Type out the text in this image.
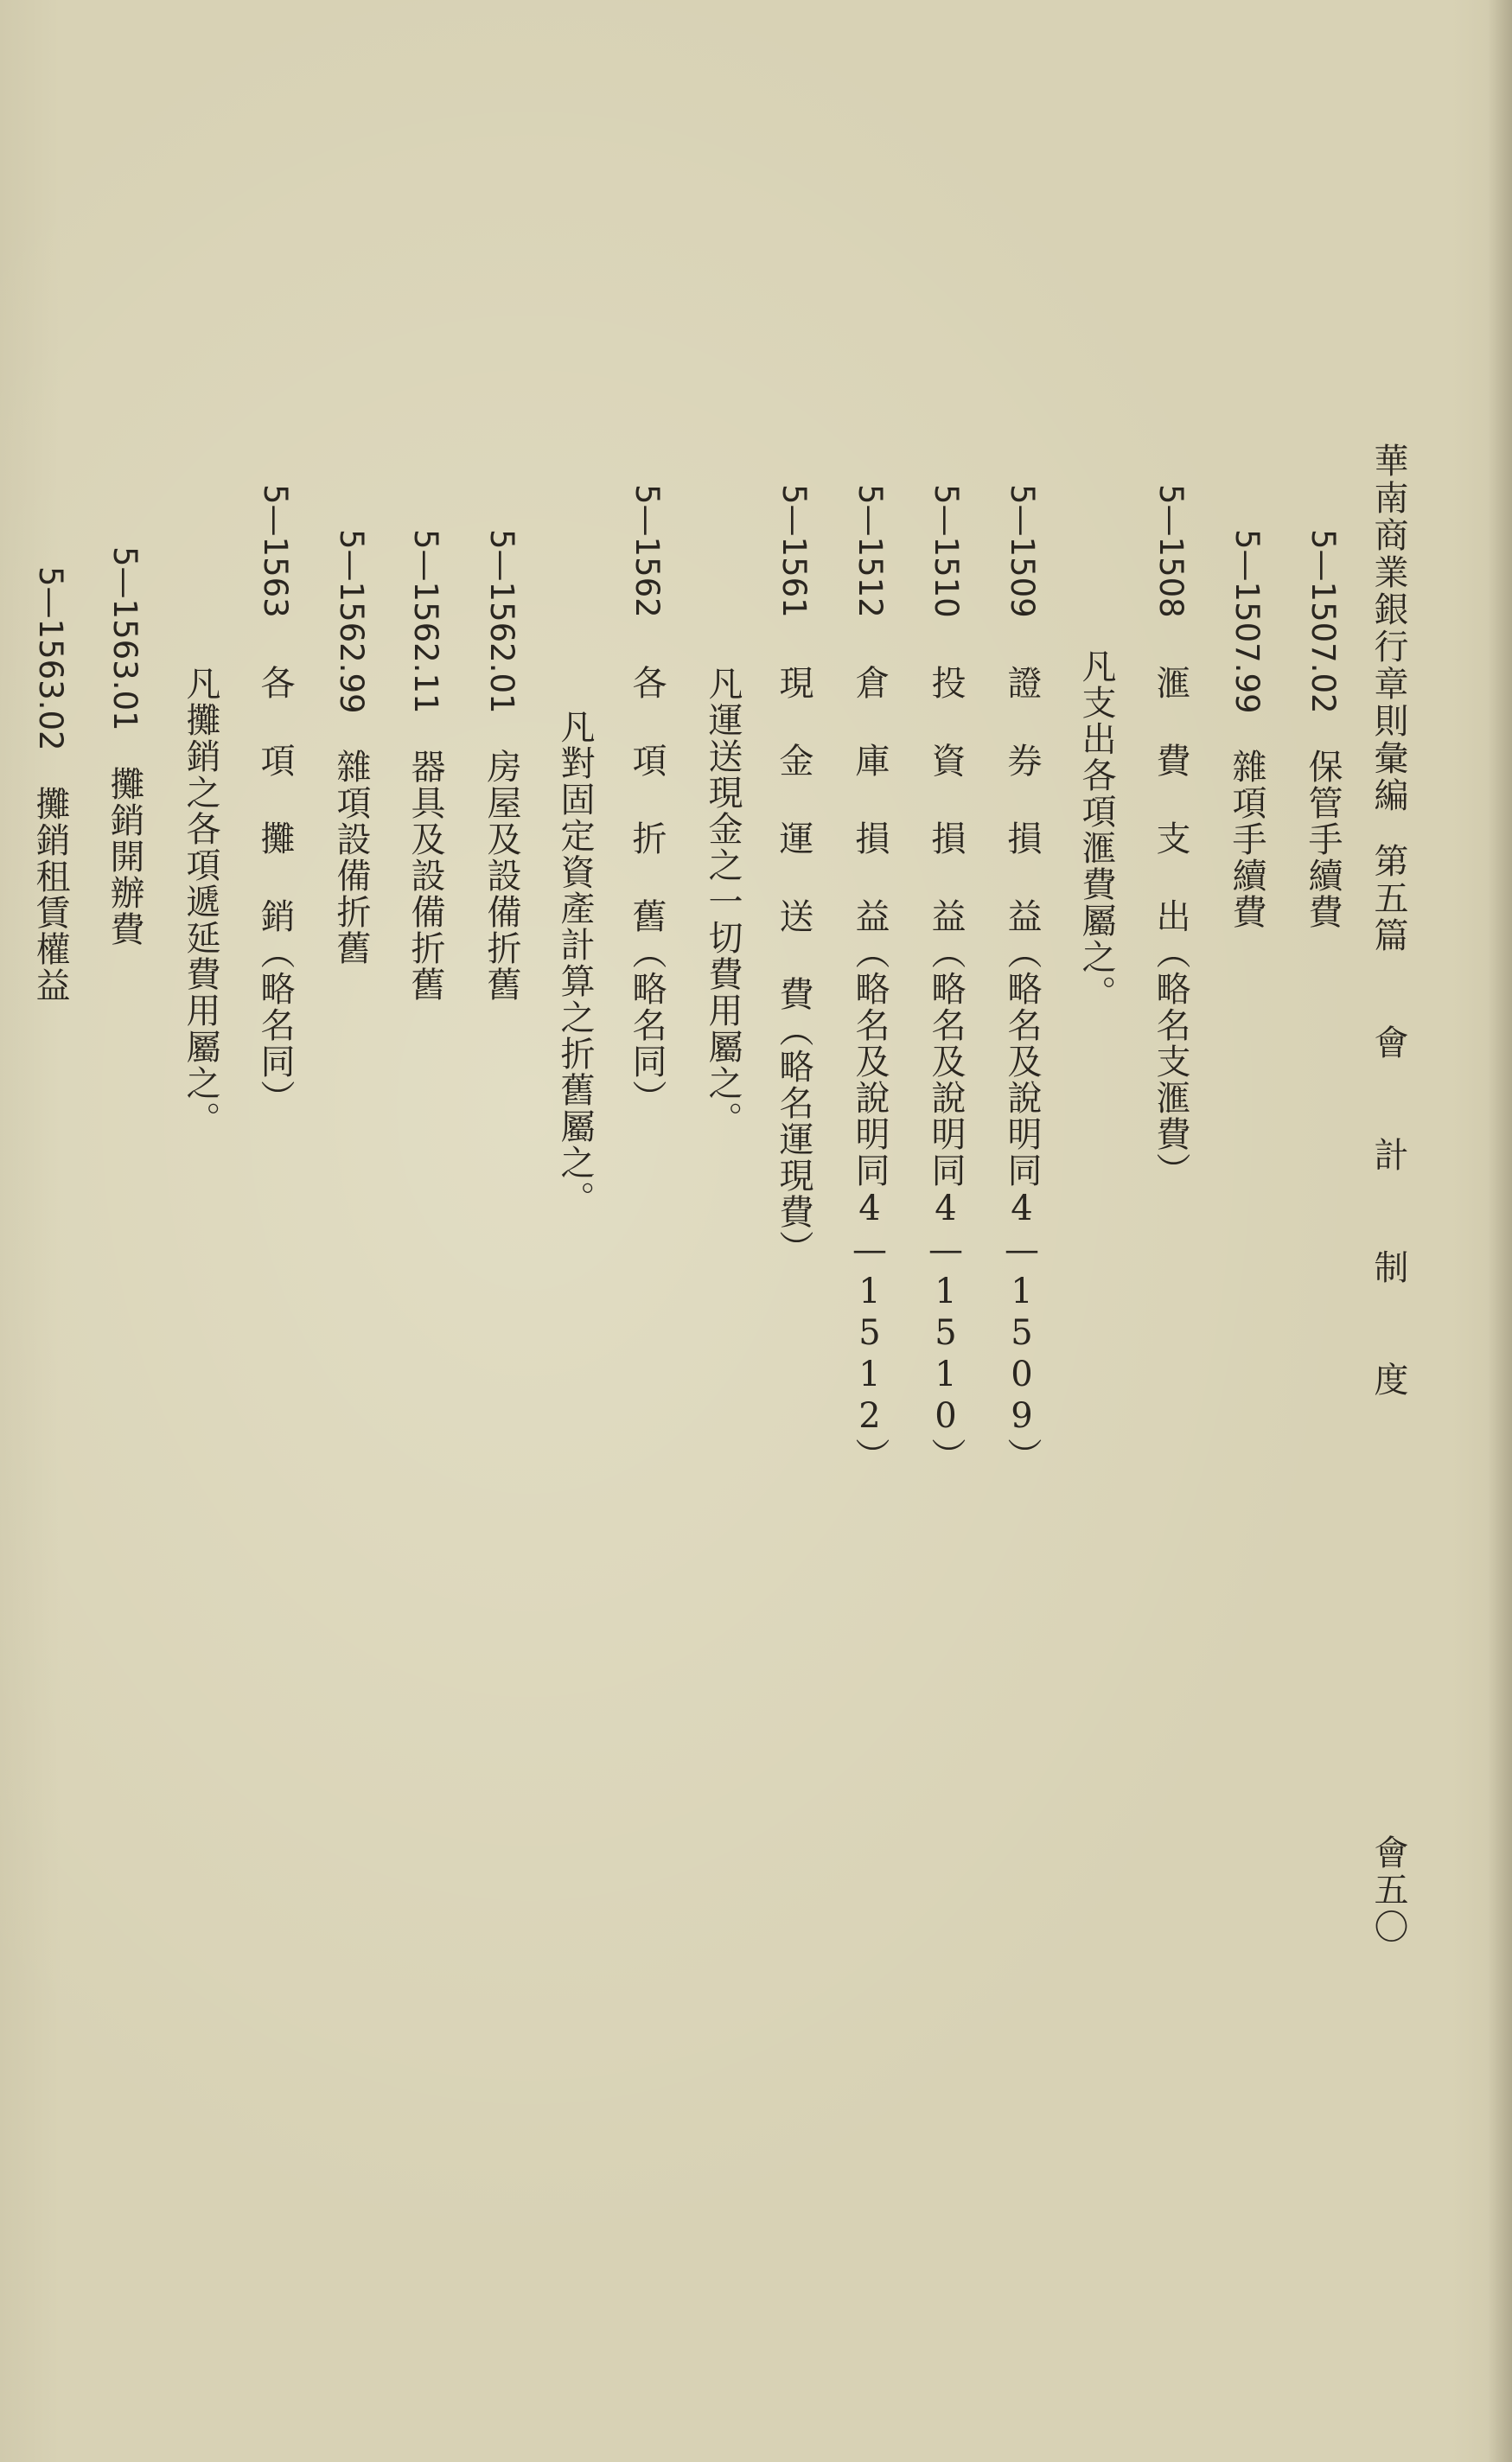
華南商業銀行章則彙編
第五篇
會 計 制 度
會五〇
5—1507.02保管手續費
5—1507.99雜項手續費
5—1508滙 費 支 出（略名支滙費）
凡支出各項滙費屬之。
5—1509證 券 損 益（略名及說明同4—1509）
5—1510投 資 損 益（略名及說明同4—1510）
5—1512倉 庫 損 益（略名及說明同4—1512）
5—1561現 金 運 送 費（略名運現費）
凡運送現金之一切費用屬之。
5—1562各 項 折 舊（略名同）
凡對固定資產計算之折舊屬之。
5—1562.01房屋及設備折舊
5—1562.11器具及設備折舊
5—1562.99雜項設備折舊
5—1563各 項 攤 銷（略名同）
凡攤銷之各項遞延費用屬之。
5—1563.01攤銷開辦費
5—1563.02攤銷租賃權益
